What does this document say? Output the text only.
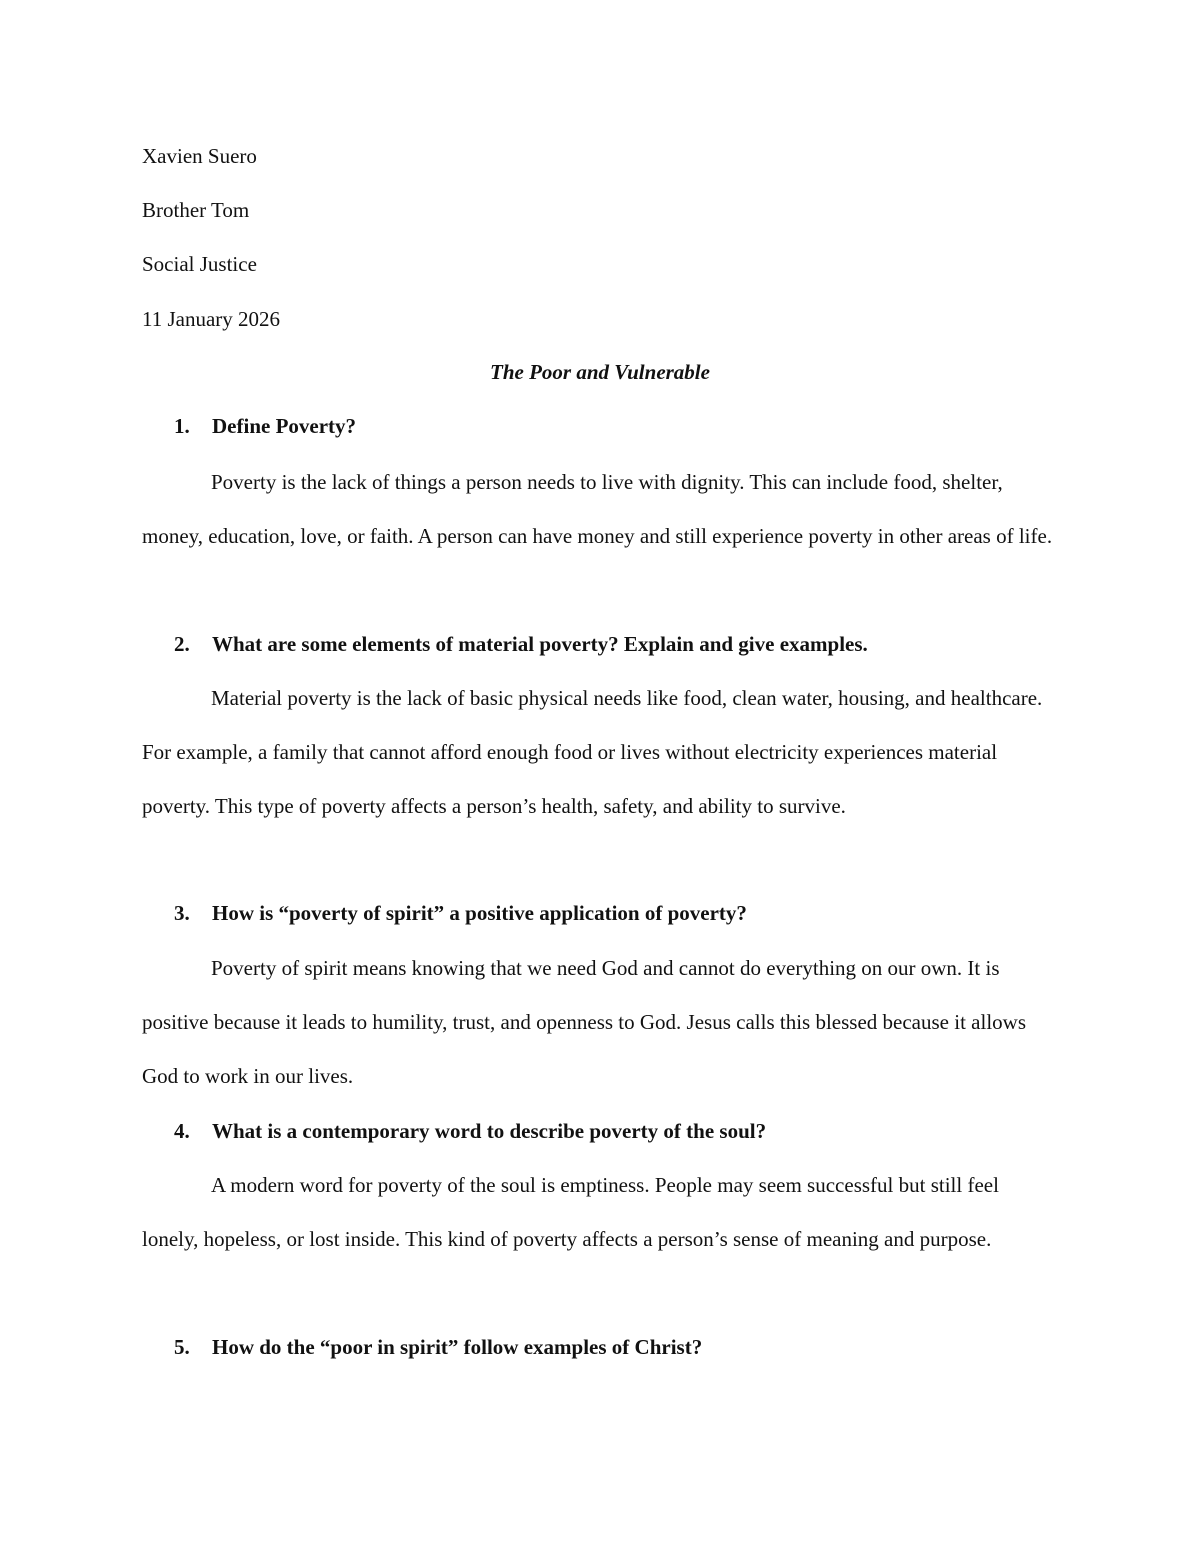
Xavien Suero
Brother Tom
Social Justice
11 January 2026
The Poor and Vulnerable
1. Define Poverty?

Poverty is the lack of things a person needs to live with dignity. This can include food, shelter, money, education, love, or faith. A person can have money and still experience poverty in other areas of life.

2. What are some elements of material poverty? Explain and give examples.

Material poverty is the lack of basic physical needs like food, clean water, housing, and healthcare. For example, a family that cannot afford enough food or lives without electricity experiences material poverty. This type of poverty affects a person’s health, safety, and ability to survive.

3. How is “poverty of spirit” a positive application of poverty?

Poverty of spirit means knowing that we need God and cannot do everything on our own. It is positive because it leads to humility, trust, and openness to God. Jesus calls this blessed because it allows God to work in our lives.

4. What is a contemporary word to describe poverty of the soul?

A modern word for poverty of the soul is emptiness. People may seem successful but still feel lonely, hopeless, or lost inside. This kind of poverty affects a person’s sense of meaning and purpose.

5. How do the “poor in spirit” follow examples of Christ?
